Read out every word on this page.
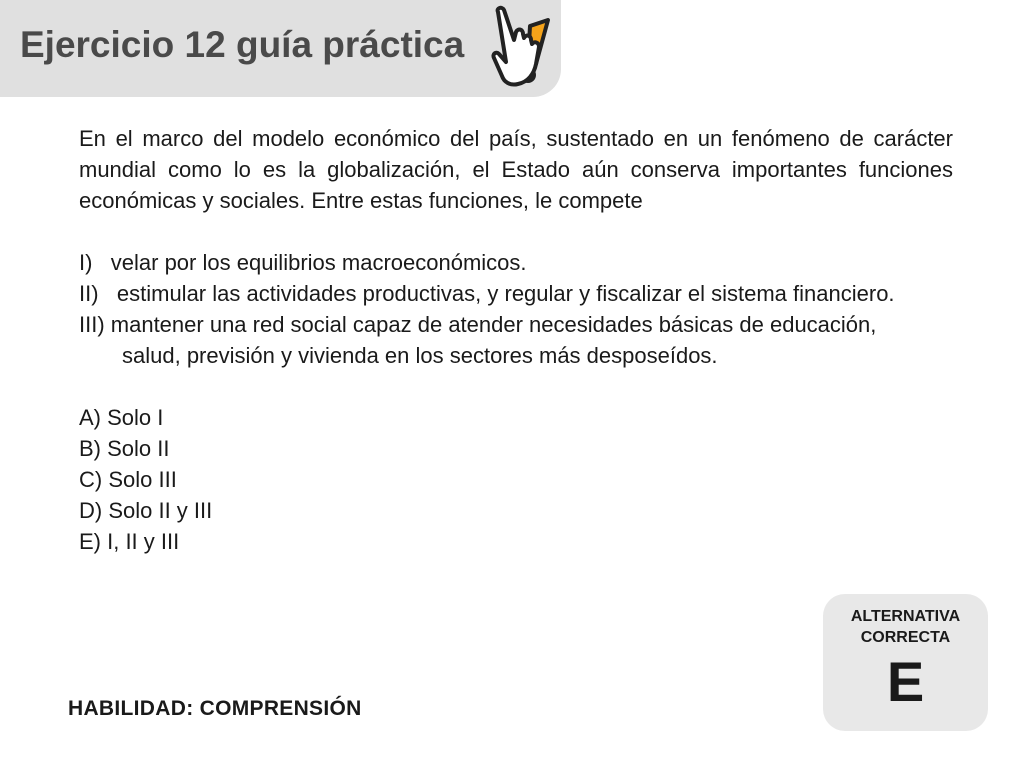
Ejercicio 12 guía práctica

En el marco del modelo económico del país, sustentado en un fenómeno de carácter mundial como lo es la globalización, el Estado aún conserva importantes funciones económicas y sociales. Entre estas funciones, le compete

I)   velar por los equilibrios macroeconómicos.

II)   estimular las actividades productivas, y regular y fiscalizar el sistema financiero.

III) mantener una red social capaz de atender necesidades básicas de educación,

salud, previsión y vivienda en los sectores más desposeídos.

A) Solo I

B) Solo II

C) Solo III

D) Solo II y III

E) I, II y III

HABILIDAD: COMPRENSIÓN
ALTERNATIVA
CORRECTA
E
